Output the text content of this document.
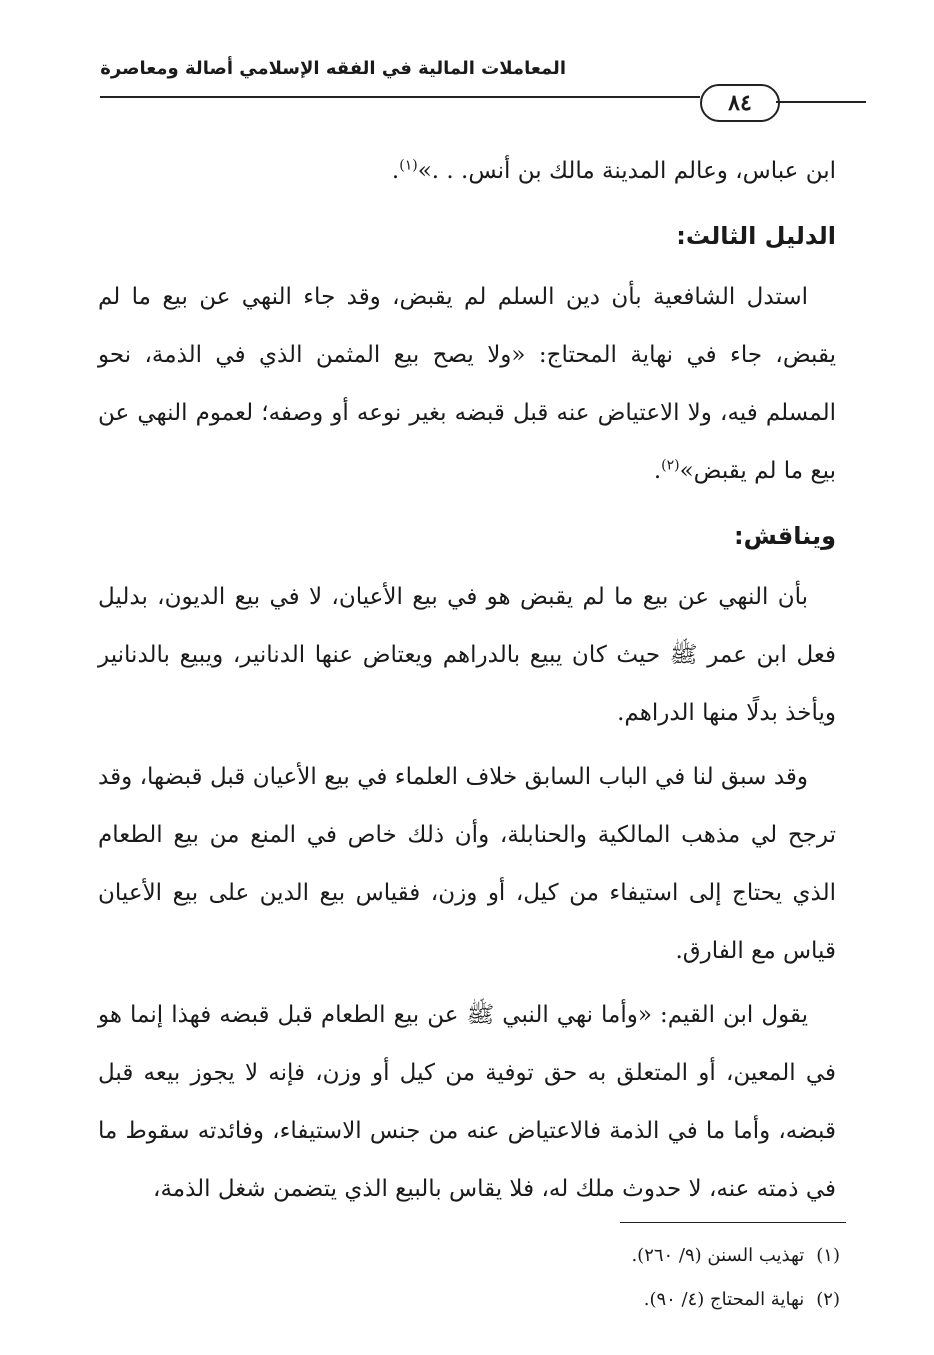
المعاملات المالية في الفقه الإسلامي أصالة ومعاصرة
٨٤

ابن عباس، وعالم المدينة مالك بن أنس. . .»$^{(١)}$.

الدليل الثالث:

استدل الشافعية بأن دين السلم لم يقبض، وقد جاء النهي عن بيع ما لم يقبض، جاء في نهاية المحتاج: «ولا يصح بيع المثمن الذي في الذمة، نحو المسلم فيه، ولا الاعتياض عنه قبل قبضه بغير نوعه أو وصفه؛ لعموم النهي عن بيع ما لم يقبض»$^{(٢)}$.

ويناقش:

بأن النهي عن بيع ما لم يقبض هو في بيع الأعيان، لا في بيع الديون، بدليل فعل ابن عمر ﷺ حيث كان يبيع بالدراهم ويعتاض عنها الدنانير، ويبيع بالدنانير ويأخذ بدلًا منها الدراهم.

وقد سبق لنا في الباب السابق خلاف العلماء في بيع الأعيان قبل قبضها، وقد ترجح لي مذهب المالكية والحنابلة، وأن ذلك خاص في المنع من بيع الطعام الذي يحتاج إلى استيفاء من كيل، أو وزن، فقياس بيع الدين على بيع الأعيان قياس مع الفارق.

يقول ابن القيم: «وأما نهي النبي ﷺ عن بيع الطعام قبل قبضه فهذا إنما هو في المعين، أو المتعلق به حق توفية من كيل أو وزن، فإنه لا يجوز بيعه قبل قبضه، وأما ما في الذمة فالاعتياض عنه من جنس الاستيفاء، وفائدته سقوط ما في ذمته عنه، لا حدوث ملك له، فلا يقاس بالبيع الذي يتضمن شغل الذمة،

(١)تهذيب السنن (٩/ ٢٦٠).

(٢)نهاية المحتاج (٤/ ٩٠).
